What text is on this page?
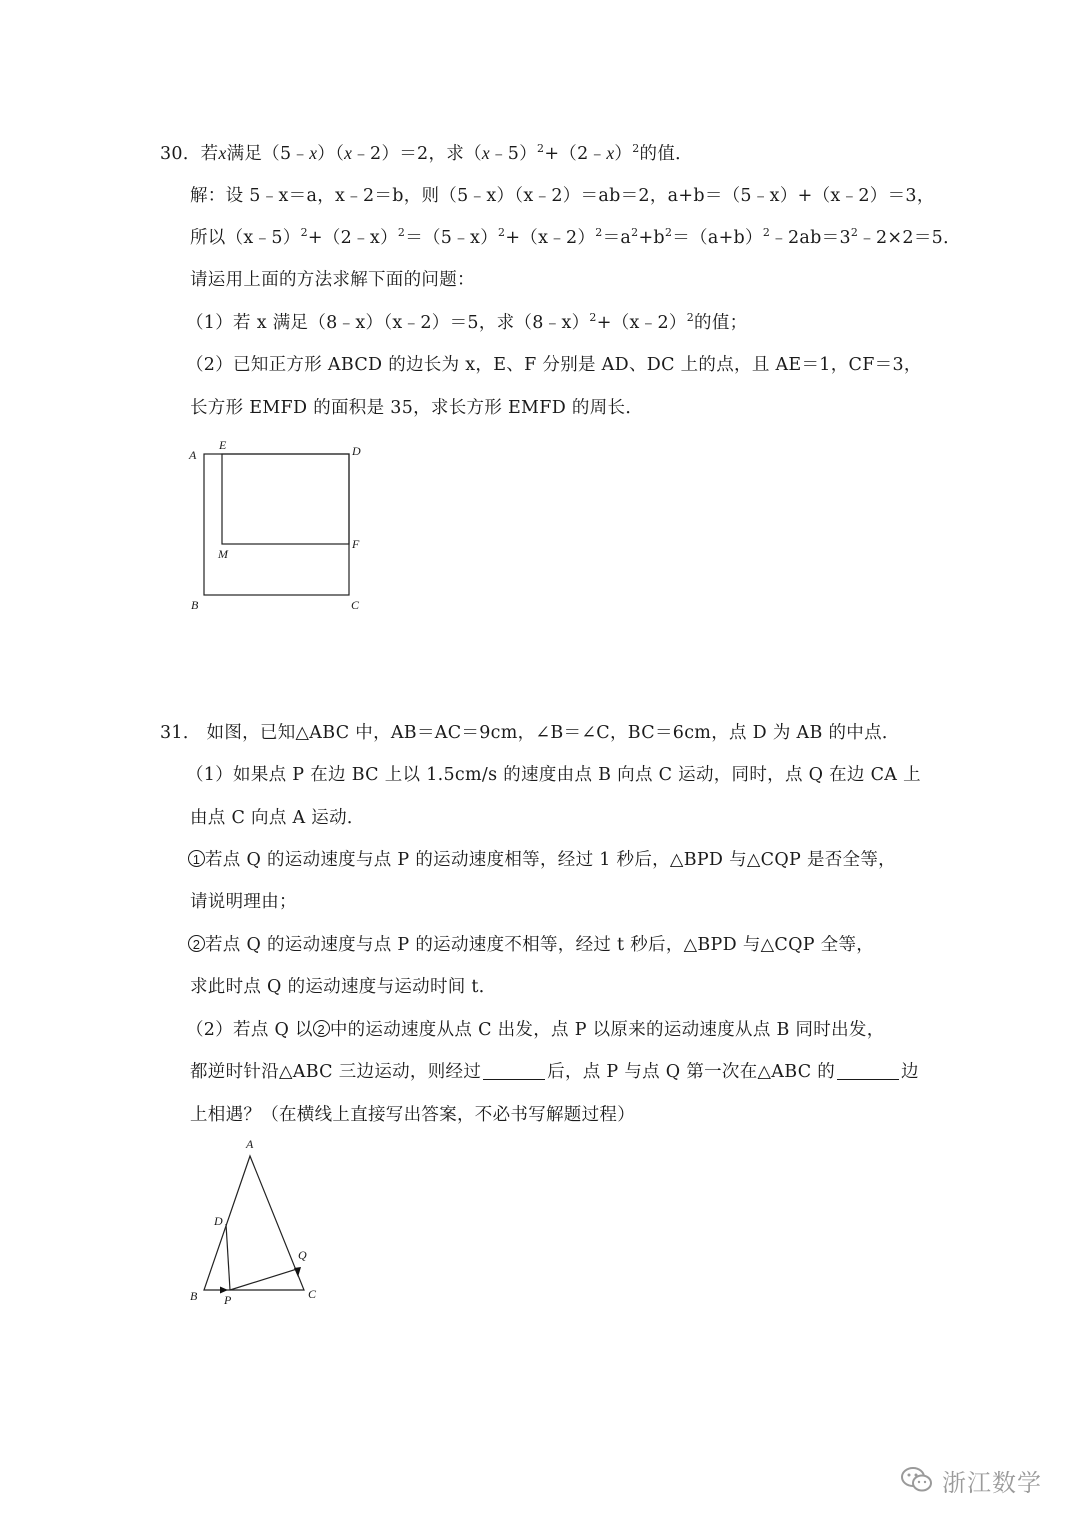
30．若x满足（5﹣x）（x﹣2）＝2，求（x﹣5）$^2$+（2﹣x）$^2$的值．
解：设 5﹣x＝a，x﹣2＝b，则（5﹣x）（x﹣2）＝ab＝2，a+b＝（5﹣x）+（x﹣2）＝3，
所以$(x﹣5)^2+(2﹣x)^2=(5﹣x)^2+(x﹣2)^2=a^2+b^2=(a+b)^2﹣2ab=3^2﹣2\times 2=5$．
请运用上面的方法求解下面的问题：
（1）若 x 满足（8﹣x）（x﹣2）＝5，求（8﹣x）$^2$+（x﹣2）$^2$的值；
（2）已知正方形 ABCD 的边长为 x，E、F 分别是 AD、DC 上的点，且 AE＝1，CF＝3，
长方形 EMFD 的面积是 35，求长方形 EMFD 的周长．
A
E	D
M
F
B	C
31． 如图，已知△ABC 中，AB＝AC＝9cm，∠B＝∠C，BC＝6cm，点 D 为 AB 的中点．
（1）如果点 P 在边 BC 上以 1.5cm/s 的速度由点 B 向点 C 运动，同时，点 Q 在边 CA 上
由点 C 向点 A 运动．
1 若点 Q 的运动速度与点 P 的运动速度相等，经过 1 秒后，△BPD 与△CQP 是否全等，
请说明理由；
2 若点 Q 的运动速度与点 P 的运动速度不相等，经过 t 秒后，△BPD 与△CQP 全等，
求此时点 Q 的运动速度与运动时间 t．
（2）若点 Q 以 2 中的运动速度从点 C 出发，点 P 以原来的运动速度从点 B 同时出发，
都逆时针沿△ABC 三边运动，则经过	后，点 P 与点 Q 第一次在△ABC 的	边
上相遇？（在横线上直接写出答案，不必书写解题过程）
A
D
Q
B P	C
浙江数学
